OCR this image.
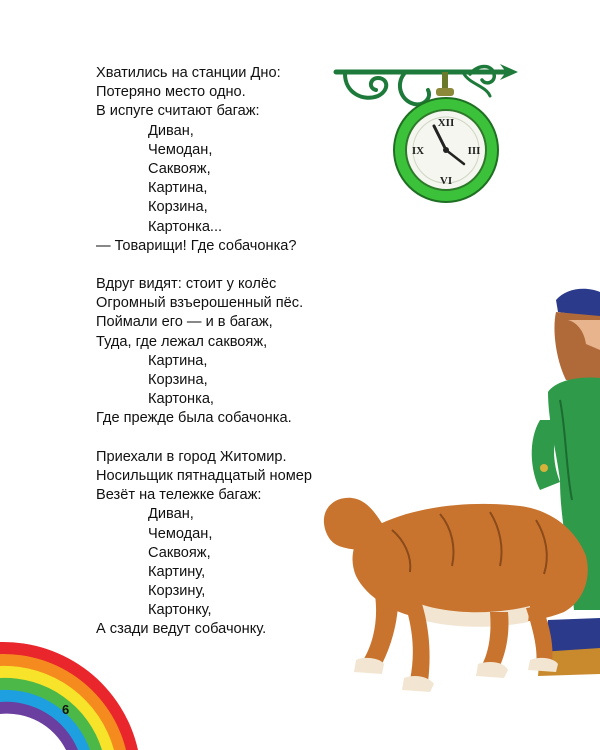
XII
III
VI
IX
Хватились на станции Дно:
Потеряно место одно.
В испуге считают багаж:
Диван,
Чемодан,
Саквояж,
Картина,
Корзина,
Картонка...
— Товарищи! Где собачонка?
Вдруг видят: стоит у колёс
Огромный взъерошенный пёс.
Поймали его — и в багаж,
Туда, где лежал саквояж,
Картина,
Корзина,
Картонка,
Где прежде была собачонка.
Приехали в город Житомир.
Носильщик пятнадцатый номер
Везёт на тележке багаж:
Диван,
Чемодан,
Саквояж,
Картину,
Корзину,
Картонку,
А сзади ведут собачонку.
6
